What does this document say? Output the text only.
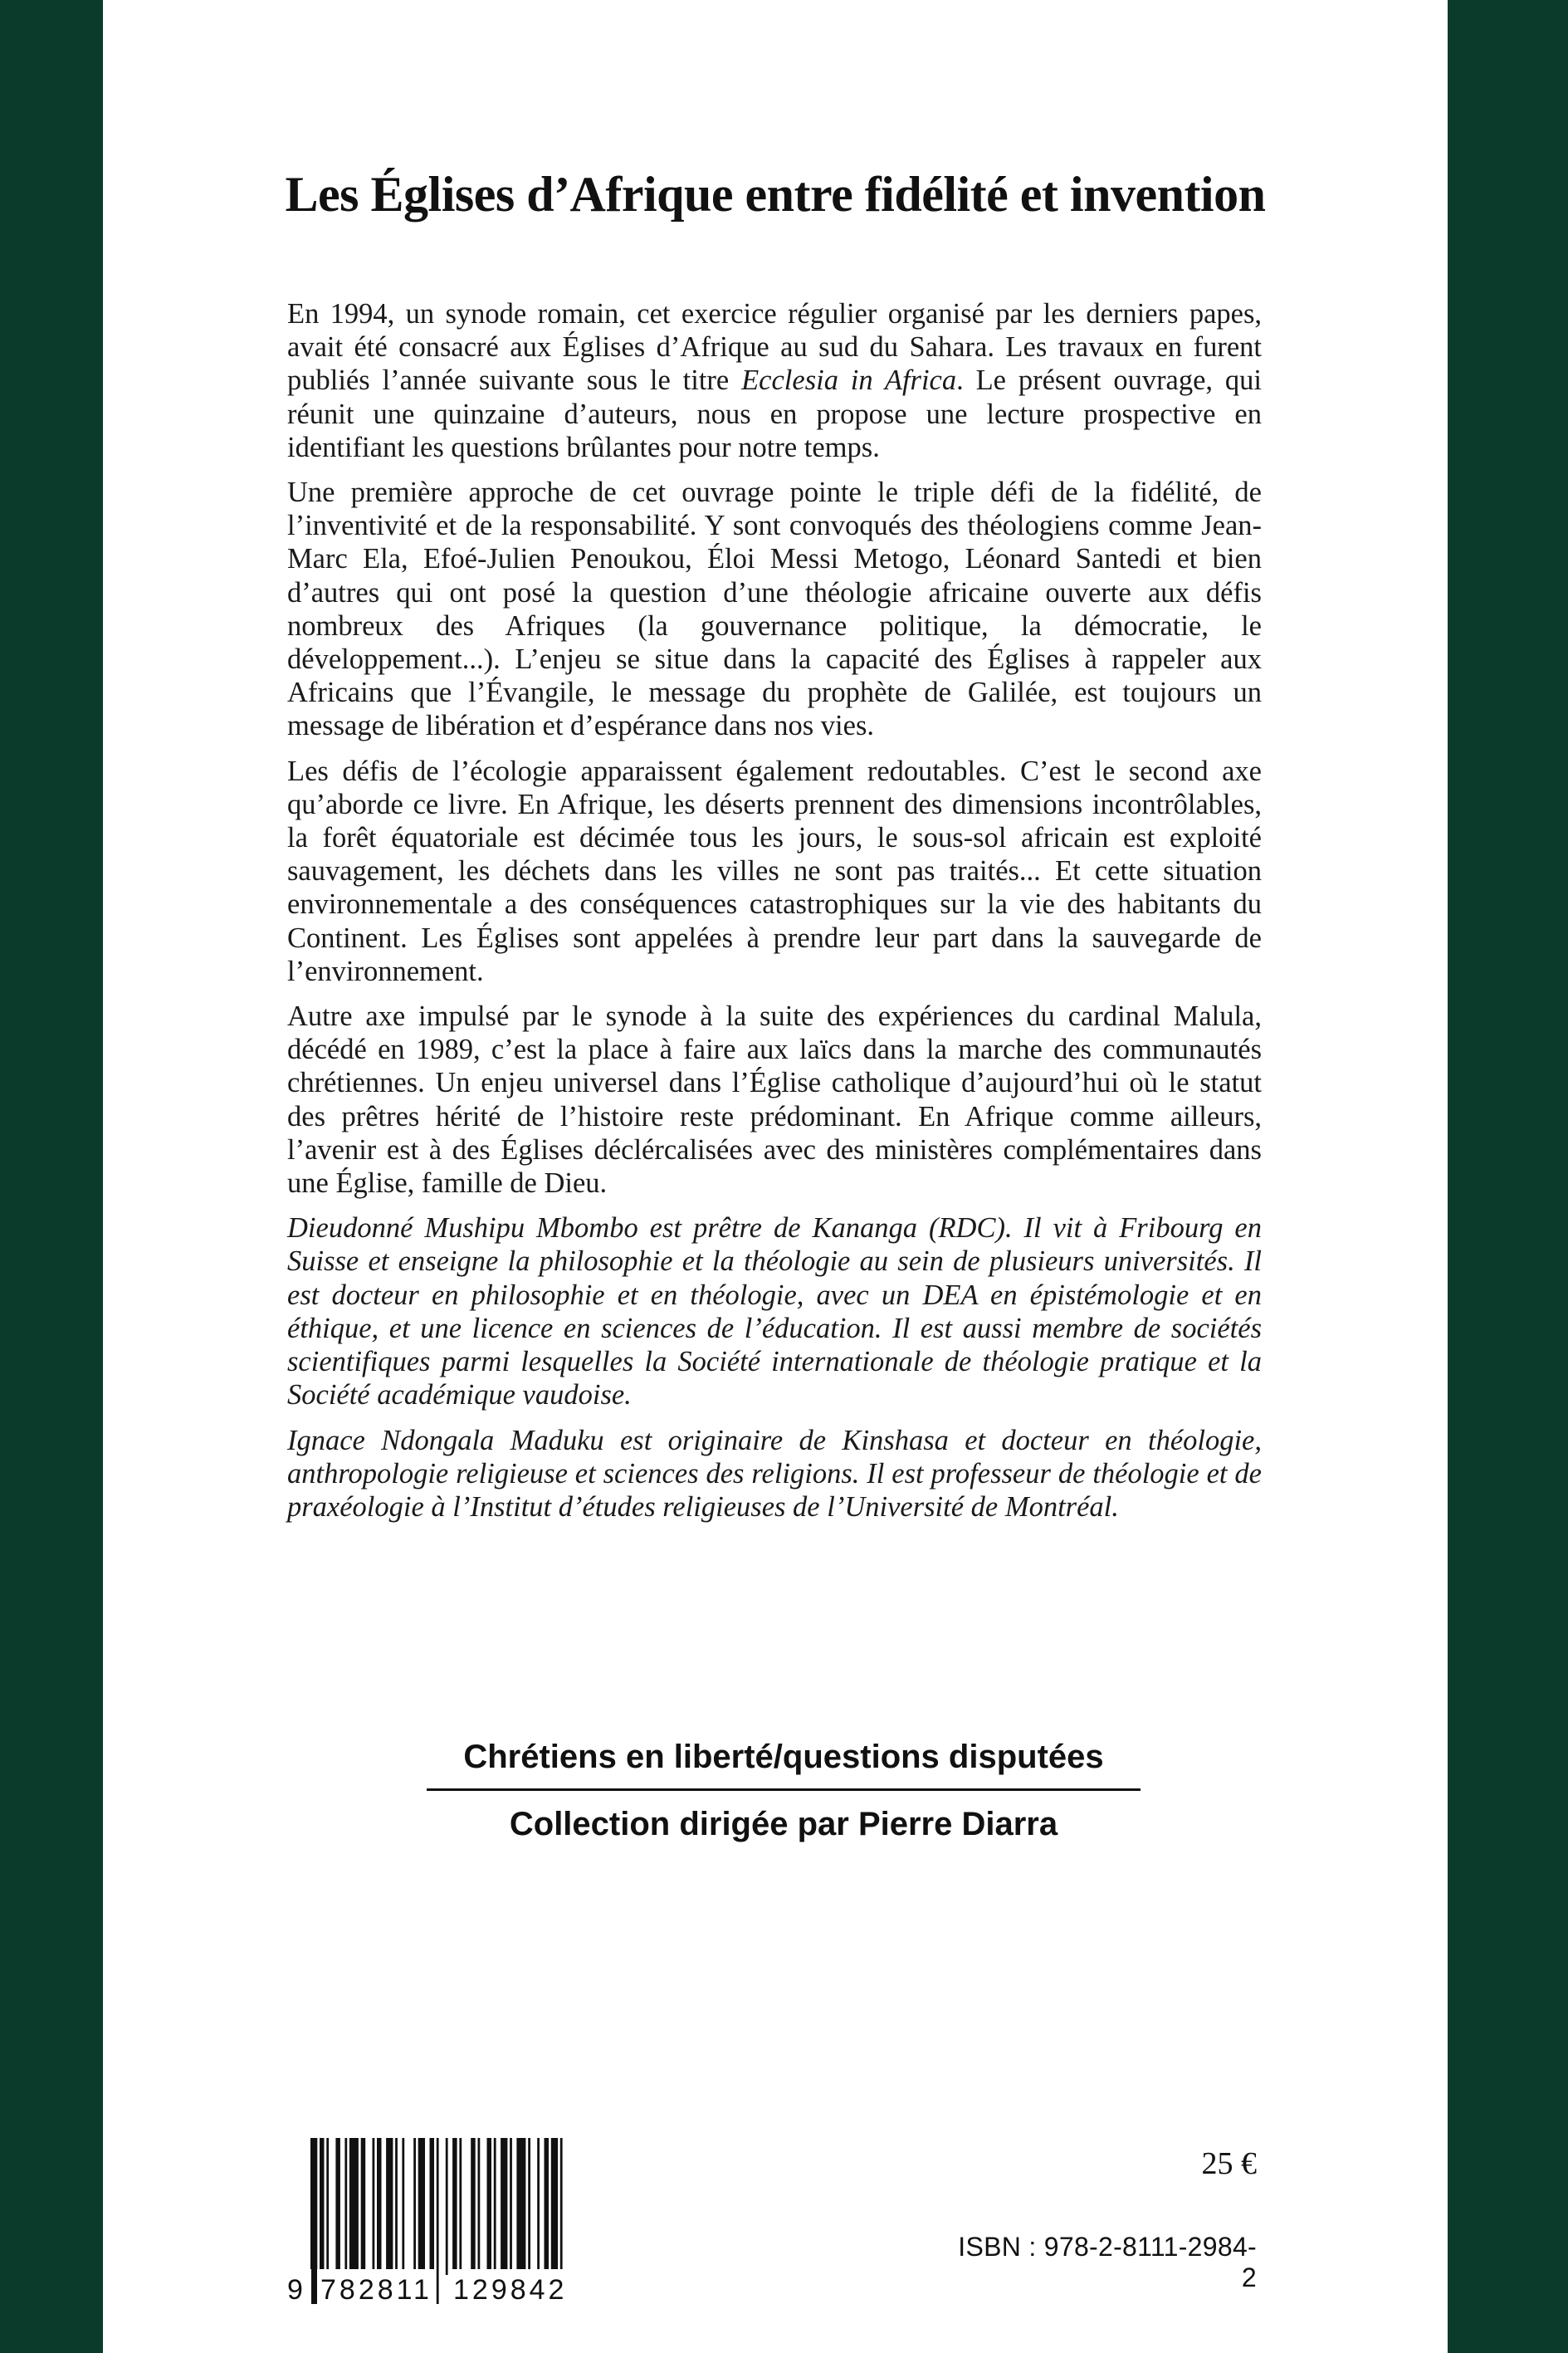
Les Églises d’Afrique entre fidélité et invention

En 1994, un synode romain, cet exercice régulier organisé par les derniers papes, avait été consacré aux Églises d’Afrique au sud du Sahara. Les travaux en furent publiés l’année suivante sous le titre Ecclesia in Africa. Le présent ouvrage, qui réunit une quinzaine d’auteurs, nous en propose une lecture prospective en identifiant les questions brûlantes pour notre temps.

Une première approche de cet ouvrage pointe le triple défi de la fidélité, de l’inventivité et de la responsabilité. Y sont convoqués des théologiens comme Jean-Marc Ela, Efoé-Julien Penoukou, Éloi Messi Metogo, Léonard Santedi et bien d’autres qui ont posé la question d’une théologie africaine ouverte aux défis nombreux des Afriques (la gouvernance politique, la démocratie, le développement...). L’enjeu se situe dans la capacité des Églises à rappeler aux Africains que l’Évangile, le message du prophète de Galilée, est toujours un message de libération et d’espérance dans nos vies.

Les défis de l’écologie apparaissent également redoutables. C’est le second axe qu’aborde ce livre. En Afrique, les déserts prennent des dimensions incontrôlables, la forêt équatoriale est décimée tous les jours, le sous-sol africain est exploité sauvagement, les déchets dans les villes ne sont pas traités... Et cette situation environnementale a des conséquences catastrophiques sur la vie des habitants du Continent. Les Églises sont appelées à prendre leur part dans la sauvegarde de l’environnement.

Autre axe impulsé par le synode à la suite des expériences du cardinal Malula, décédé en 1989, c’est la place à faire aux laïcs dans la marche des communautés chrétiennes. Un enjeu universel dans l’Église catholique d’aujourd’hui où le statut des prêtres hérité de l’histoire reste prédominant. En Afrique comme ailleurs, l’avenir est à des Églises déclércalisées avec des ministères complémentaires dans une Église, famille de Dieu.

Dieudonné Mushipu Mbombo est prêtre de Kananga (RDC). Il vit à Fribourg en Suisse et enseigne la philosophie et la théologie au sein de plusieurs universités. Il est docteur en philosophie et en théologie, avec un DEA en épistémologie et en éthique, et une licence en sciences de l’éducation. Il est aussi membre de sociétés scientifiques parmi lesquelles la Société internationale de théologie pratique et la Société académique vaudoise.

Ignace Ndongala Maduku est originaire de Kinshasa et docteur en théologie, anthropologie religieuse et sciences des religions. Il est professeur de théologie et de praxéologie à l’Institut d’études religieuses de l’Université de Montréal.

Chrétiens en liberté/questions disputées
Collection dirigée par Pierre Diarra
9 782811 129842
25 €
ISBN : 978-2-8111-2984-2
